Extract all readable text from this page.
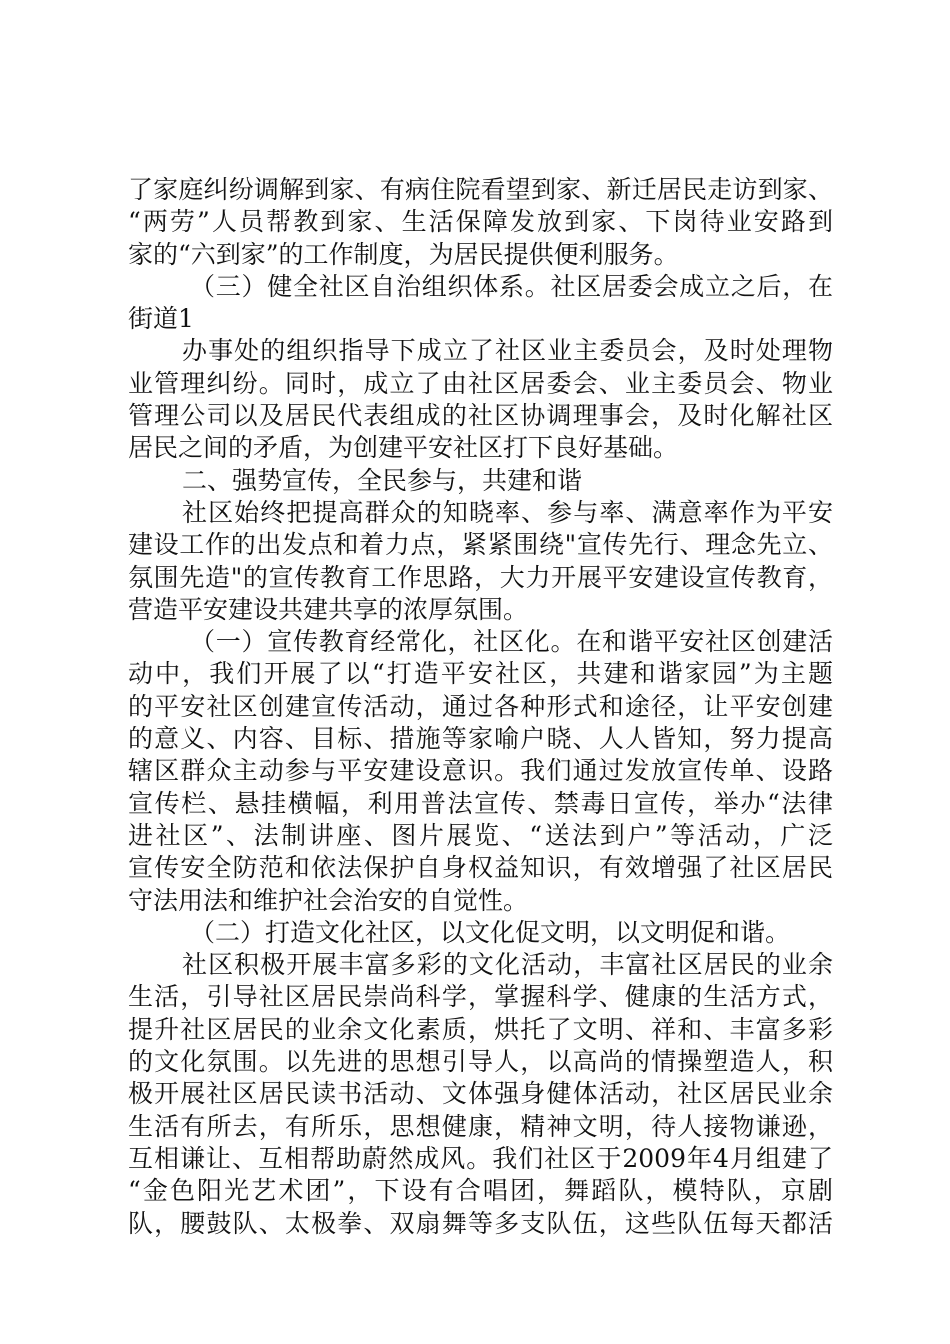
了家庭纠纷调解到家、有病住院看望到家、新迁居民走访到家、
“两劳”人员帮教到家、生活保障发放到家、下岗待业安路到
家的“六到家”的工作制度，为居民提供便利服务。
（三）健全社区自治组织体系。社区居委会成立之后，在
街道1
办事处的组织指导下成立了社区业主委员会，及时处理物
业管理纠纷。同时，成立了由社区居委会、业主委员会、物业
管理公司以及居民代表组成的社区协调理事会，及时化解社区
居民之间的矛盾，为创建平安社区打下良好基础。
二、强势宣传，全民参与，共建和谐
社区始终把提高群众的知晓率、参与率、满意率作为平安
建设工作的出发点和着力点，紧紧围绕"宣传先行、理念先立、
氛围先造"的宣传教育工作思路，大力开展平安建设宣传教育，
营造平安建设共建共享的浓厚氛围。
（一）宣传教育经常化，社区化。在和谐平安社区创建活
动中，我们开展了以“打造平安社区，共建和谐家园”为主题
的平安社区创建宣传活动，通过各种形式和途径，让平安创建
的意义、内容、目标、措施等家喻户晓、人人皆知，努力提高
辖区群众主动参与平安建设意识。我们通过发放宣传单、设路
宣传栏、悬挂横幅，利用普法宣传、禁毒日宣传，举办“法律
进社区”、法制讲座、图片展览、“送法到户”等活动，广泛
宣传安全防范和依法保护自身权益知识，有效增强了社区居民
守法用法和维护社会治安的自觉性。
（二）打造文化社区，以文化促文明，以文明促和谐。
社区积极开展丰富多彩的文化活动，丰富社区居民的业余
生活，引导社区居民崇尚科学，掌握科学、健康的生活方式，
提升社区居民的业余文化素质，烘托了文明、祥和、丰富多彩
的文化氛围。以先进的思想引导人，以高尚的情操塑造人，积
极开展社区居民读书活动、文体强身健体活动，社区居民业余
生活有所去，有所乐，思想健康，精神文明，待人接物谦逊，
互相谦让、互相帮助蔚然成风。我们社区于2009年4月组建了
“金色阳光艺术团”，下设有合唱团，舞蹈队，模特队，京剧
队，腰鼓队、太极拳、双扇舞等多支队伍，这些队伍每天都活
